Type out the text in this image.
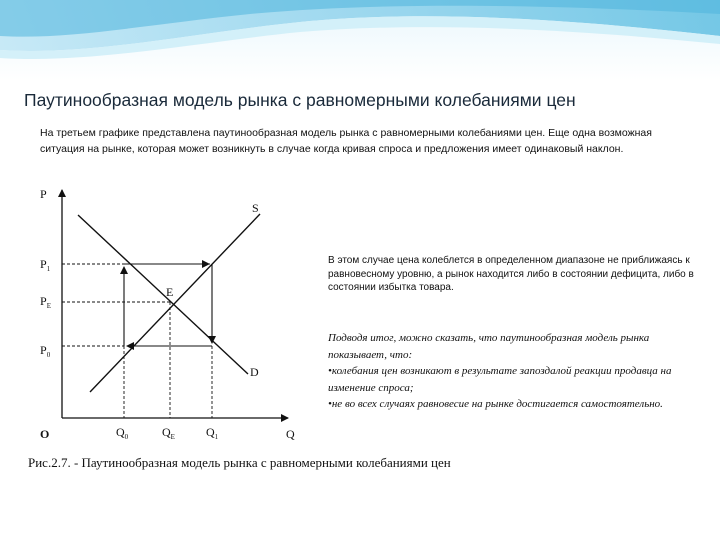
Паутинообразная модель рынка с равномерными колебаниями цен
На третьем графике представлена паутинообразная модель рынка с равномерными колебаниями цен. Еще одна возможная ситуация на рынке, которая может возникнуть в случае когда кривая спроса и предложения имеет одинаковый наклон.
P
Q
O
S
D
E
$P_1$
$P_E$
$P_0$
$Q_0$	$Q_E$	$Q_1$
В этом случае цена колеблется в определенном диапазоне не приближаясь к равновесному уровню, а рынок находится либо в состоянии дефицита, либо в состоянии избытка товара.
Подводя итог, можно сказать, что паутинообразная модель рынка показывает, что:
•колебания цен возникают в результате запоздалой реакции продавца на изменение спроса;
•не во всех случаях равновесие на рынке достигается самостоятельно.
Рис.2.7. - Паутинообразная модель рынка с равномерными колебаниями цен
